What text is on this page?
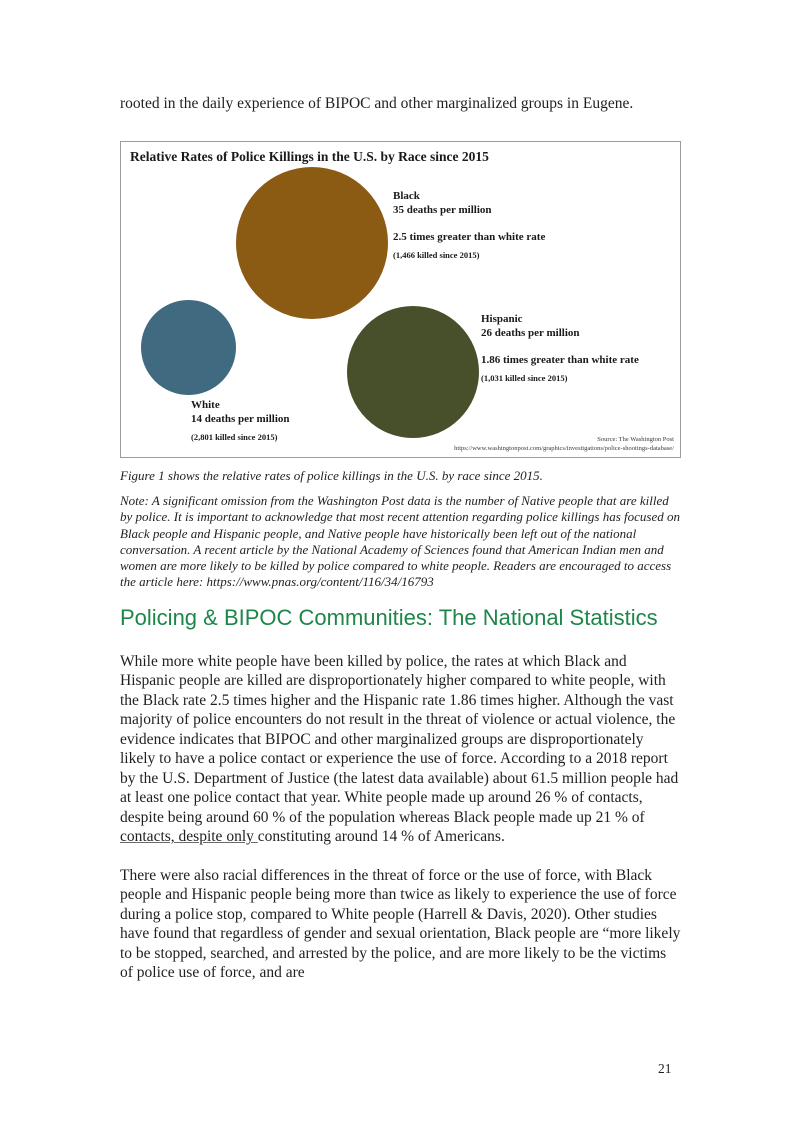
rooted in the daily experience of BIPOC and other marginalized groups in Eugene.

Relative Rates of Police Killings in the U.S. by Race since 2015
Black
35 deaths per million
2.5 times greater than white rate
(1,466 killed since 2015)
Hispanic
26 deaths per million
1.86 times greater than white rate
(1,031 killed since 2015)
White
14 deaths per million
(2,801 killed since 2015)	Source: The Washington Post
https://www.washingtonpost.com/graphics/investigations/police-shootings-database/

Figure 1 shows the relative rates of police killings in the U.S. by race since 2015.

Note: A significant omission from the Washington Post data is the number of Native people that are killed by police. It is important to acknowledge that most recent attention regarding police killings has focused on Black people and Hispanic people, and Native people have historically been left out of the national conversation. A recent article by the National Academy of Sciences found that American Indian men and women are more likely to be killed by police compared to white people. Readers are encouraged to access the article here: https://www.pnas.org/content/116/34/16793

Policing & BIPOC Communities: The National Statistics

While more white people have been killed by police, the rates at which Black and Hispanic people are killed are disproportionately higher compared to white people, with the Black rate 2.5 times higher and the Hispanic rate 1.86 times higher. Although the vast majority of police encounters do not result in the threat of violence or actual violence, the evidence indicates that BIPOC and other marginalized groups are disproportionately likely to have a police contact or experience the use of force. According to a 2018 report by the U.S. Department of Justice (the latest data available) about 61.5 million people had at least one police contact that year. White people made up around 26 % of contacts, despite being around 60 % of the population whereas Black people made up 21 % of contacts, despite only constituting around 14 % of Americans.

There were also racial differences in the threat of force or the use of force, with Black people and Hispanic people being more than twice as likely to experience the use of force during a police stop, compared to White people (Harrell & Davis, 2020). Other studies have found that regardless of gender and sexual orientation, Black people are “more likely to be stopped, searched, and arrested by the police, and are more likely to be the victims of police use of force, and are

21
